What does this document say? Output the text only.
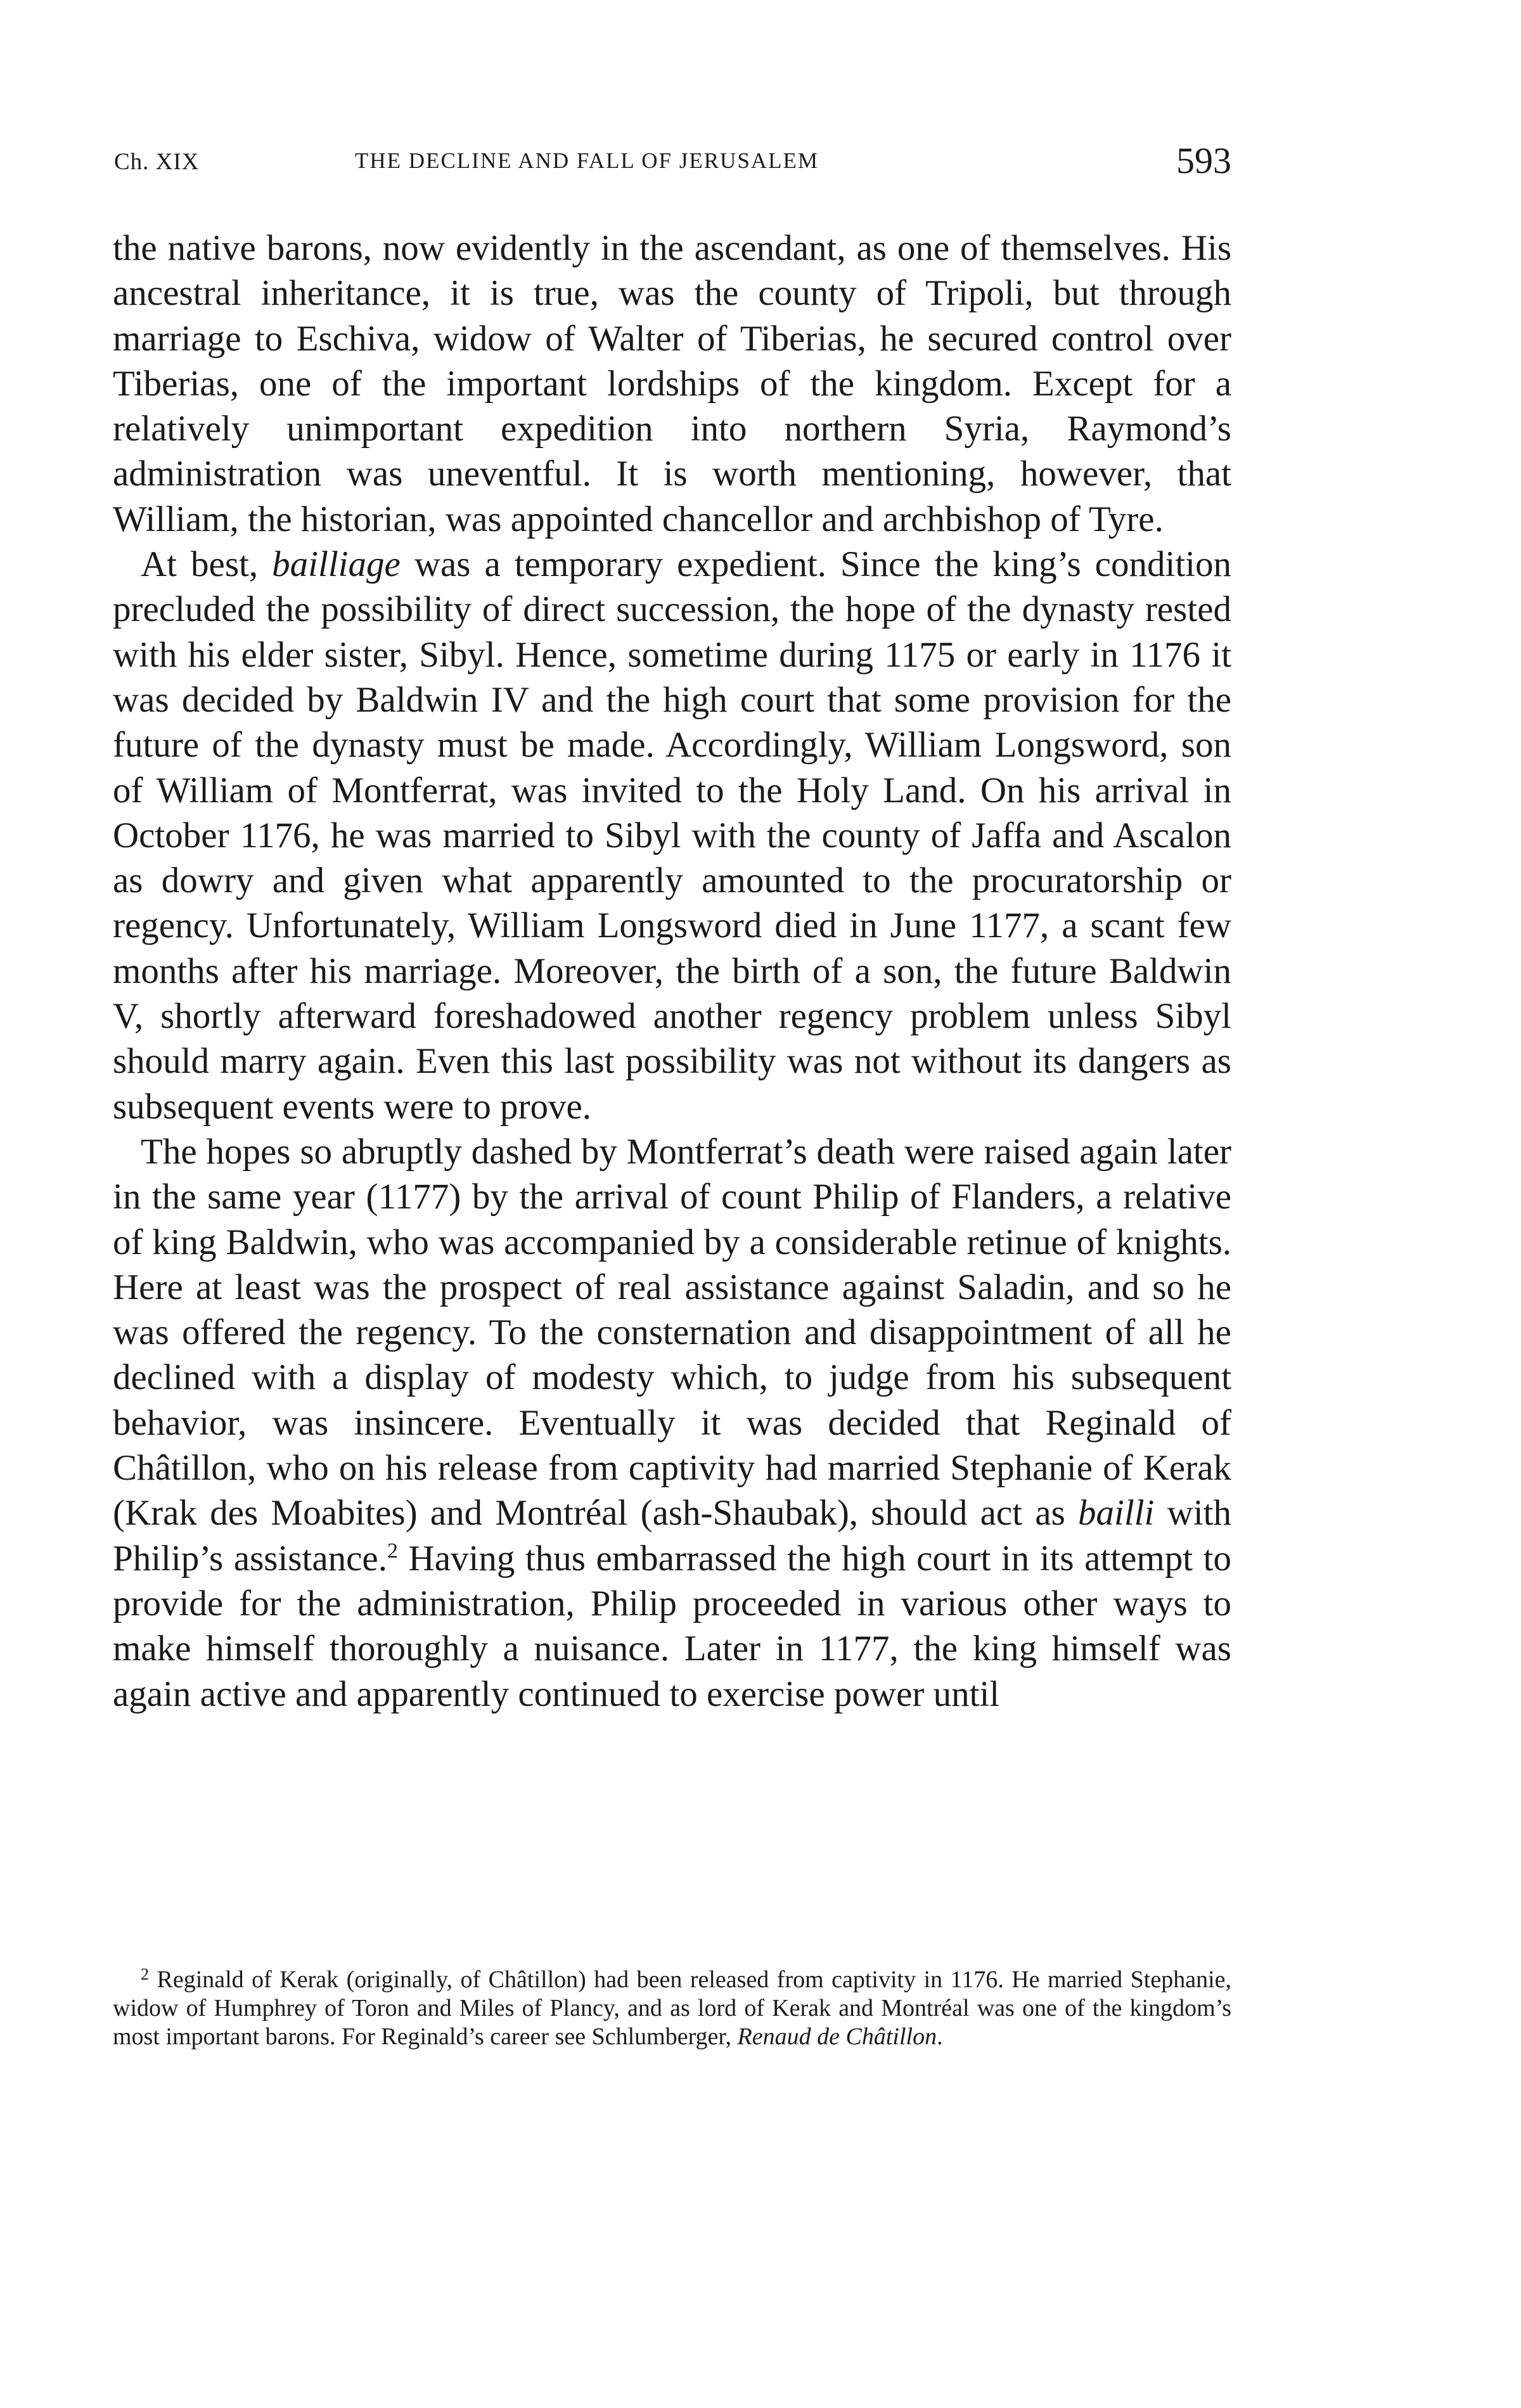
Ch. XIX	THE DECLINE AND FALL OF JERUSALEM	593

the native barons, now evidently in the ascendant, as one of themselves. His ancestral inheritance, it is true, was the county of Tripoli, but through marriage to Eschiva, widow of Walter of Tiberias, he secured control over Tiberias, one of the important lordships of the kingdom. Except for a relatively unimportant expedition into northern Syria, Raymond’s administration was uneventful. It is worth mentioning, however, that William, the historian, was appointed chancellor and archbishop of Tyre.

At best, bailliage was a temporary expedient. Since the king’s condition precluded the possibility of direct succession, the hope of the dynasty rested with his elder sister, Sibyl. Hence, sometime during 1175 or early in 1176 it was decided by Baldwin IV and the high court that some provision for the future of the dynasty must be made. Accordingly, William Longsword, son of William of Montferrat, was invited to the Holy Land. On his arrival in October 1176, he was married to Sibyl with the county of Jaffa and Ascalon as dowry and given what apparently amounted to the procuratorship or regency. Unfortunately, William Longsword died in June 1177, a scant few months after his marriage. Moreover, the birth of a son, the future Baldwin V, shortly afterward foreshadowed another regency problem unless Sibyl should marry again. Even this last possibility was not without its dangers as subsequent events were to prove.

The hopes so abruptly dashed by Montferrat’s death were raised again later in the same year (1177) by the arrival of count Philip of Flanders, a relative of king Baldwin, who was accompanied by a considerable retinue of knights. Here at least was the prospect of real assistance against Saladin, and so he was offered the regency. To the consternation and disappointment of all he declined with a display of modesty which, to judge from his subsequent behavior, was insincere. Eventually it was decided that Reginald of Châtillon, who on his release from captivity had married Stephanie of Kerak (Krak des Moabites) and Montréal (ash-Shaubak), should act as bailli with Philip’s assistance.$^2$ Having thus embarrassed the high court in its attempt to provide for the administration, Philip proceeded in various other ways to make himself thoroughly a nuisance. Later in 1177, the king himself was again active and apparently continued to exercise power until

$^2$ Reginald of Kerak (originally, of Châtillon) had been released from captivity in 1176. He married Stephanie, widow of Humphrey of Toron and Miles of Plancy, and as lord of Kerak and Montréal was one of the kingdom’s most important barons. For Reginald’s career see Schlumberger, Renaud de Châtillon.
